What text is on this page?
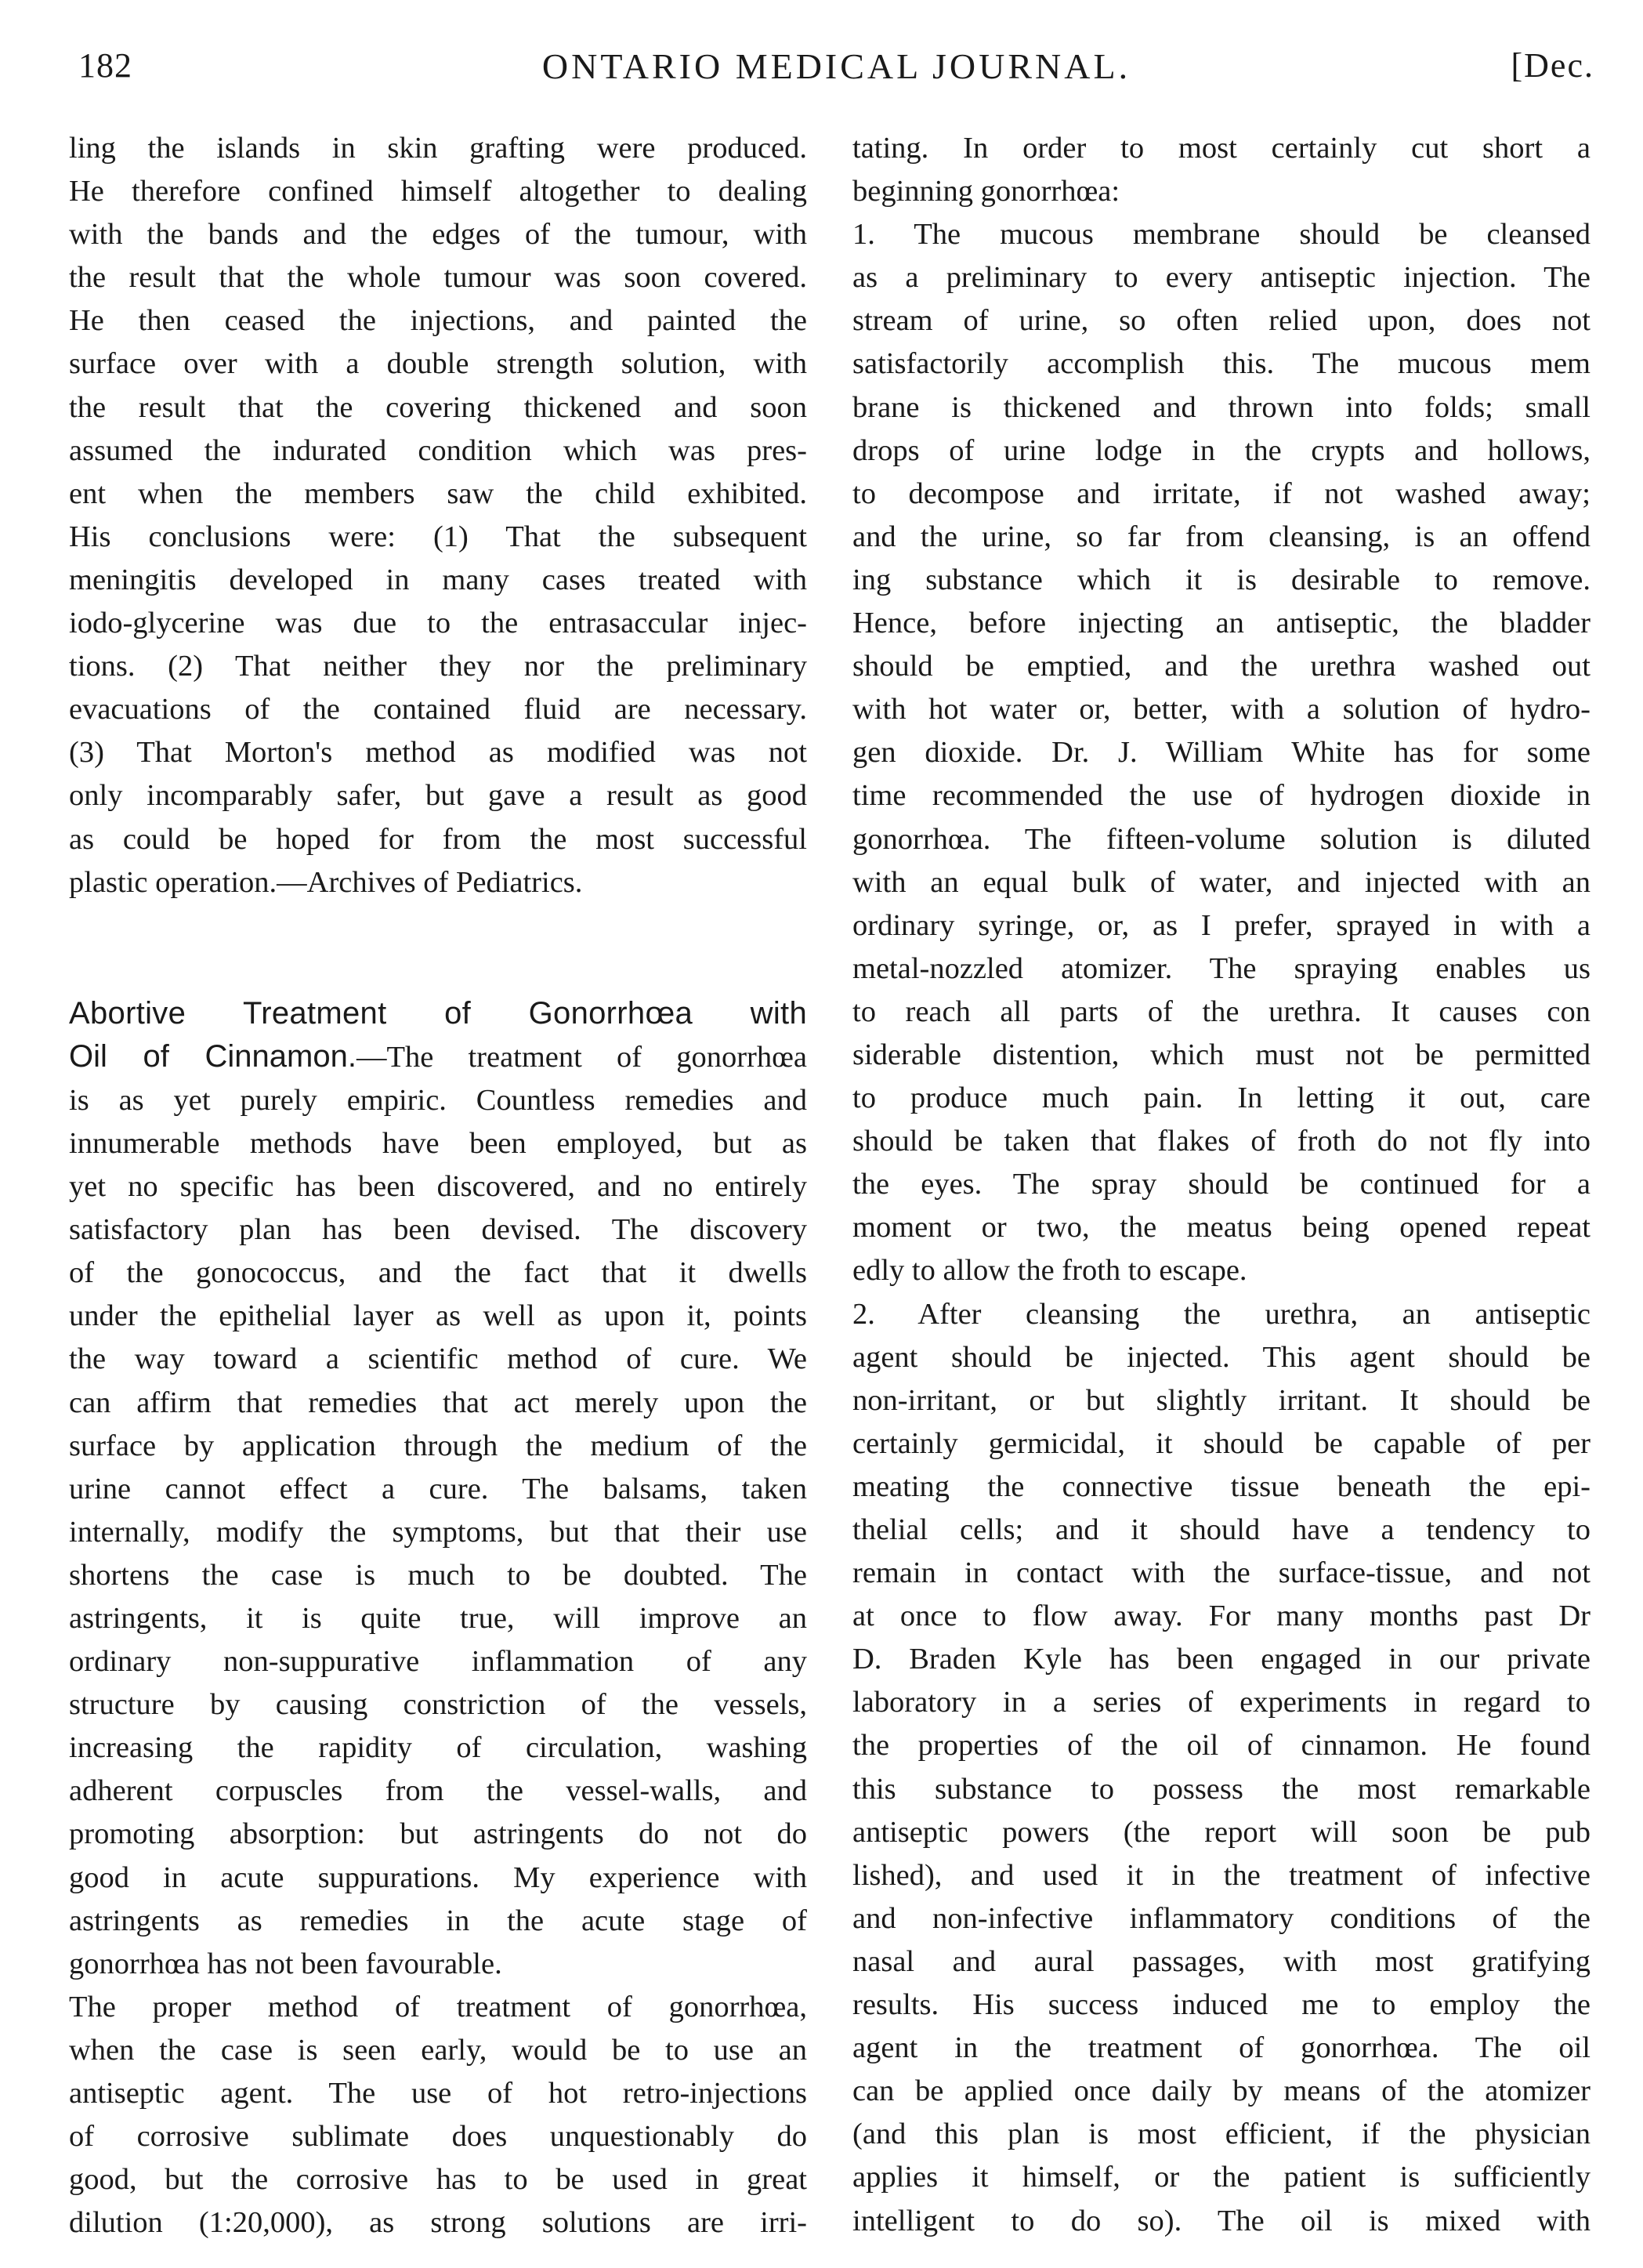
182	ONTARIO MEDICAL JOURNAL.	[Dec.

ling the islands in skin grafting were produced.

He therefore confined himself altogether to dealing

with the bands and the edges of the tumour, with

the result that the whole tumour was soon covered.

He then ceased the injections, and painted the

surface over with a double strength solution, with

the result that the covering thickened and soon

assumed the indurated condition which was pres-

ent when the members saw the child exhibited.

His conclusions were: (1) That the subsequent

meningitis developed in many cases treated with

iodo-glycerine was due to the entrasaccular injec-

tions. (2) That neither they nor the preliminary

evacuations of the contained fluid are necessary.

(3) That Morton's method as modified was not

only incomparably safer, but gave a result as good

as could be hoped for from the most successful

plastic operation.—Archives of Pediatrics.

Abortive Treatment of Gonorrhœa with

Oil of Cinnamon.—The treatment of gonorrhœa

is as yet purely empiric. Countless remedies and

innumerable methods have been employed, but as

yet no specific has been discovered, and no entirely

satisfactory plan has been devised. The discovery

of the gonococcus, and the fact that it dwells

under the epithelial layer as well as upon it, points

the way toward a scientific method of cure. We

can affirm that remedies that act merely upon the

surface by application through the medium of the

urine cannot effect a cure. The balsams, taken

internally, modify the symptoms, but that their use

shortens the case is much to be doubted. The

astringents, it is quite true, will improve an

ordinary non-suppurative inflammation of any

structure by causing constriction of the vessels,

increasing the rapidity of circulation, washing

adherent corpuscles from the vessel-walls, and

promoting absorption: but astringents do not do

good in acute suppurations. My experience with

astringents as remedies in the acute stage of

gonorrhœa has not been favourable.

The proper method of treatment of gonorrhœa,

when the case is seen early, would be to use an

antiseptic agent. The use of hot retro-injections

of corrosive sublimate does unquestionably do

good, but the corrosive has to be used in great

dilution (1:20,000), as strong solutions are irri-

tating. In order to most certainly cut short a

beginning gonorrhœa:

1. The mucous membrane should be cleansed

as a preliminary to every antiseptic injection. The

stream of urine, so often relied upon, does not

satisfactorily accomplish this. The mucous mem

brane is thickened and thrown into folds; small

drops of urine lodge in the crypts and hollows,

to decompose and irritate, if not washed away;

and the urine, so far from cleansing, is an offend

ing substance which it is desirable to remove.

Hence, before injecting an antiseptic, the bladder

should be emptied, and the urethra washed out

with hot water or, better, with a solution of hydro-

gen dioxide. Dr. J. William White has for some

time recommended the use of hydrogen dioxide in

gonorrhœa. The fifteen-volume solution is diluted

with an equal bulk of water, and injected with an

ordinary syringe, or, as I prefer, sprayed in with a

metal-nozzled atomizer. The spraying enables us

to reach all parts of the urethra. It causes con

siderable distention, which must not be permitted

to produce much pain. In letting it out, care

should be taken that flakes of froth do not fly into

the eyes. The spray should be continued for a

moment or two, the meatus being opened repeat

edly to allow the froth to escape.

2. After cleansing the urethra, an antiseptic

agent should be injected. This agent should be

non-irritant, or but slightly irritant. It should be

certainly germicidal, it should be capable of per

meating the connective tissue beneath the epi-

thelial cells; and it should have a tendency to

remain in contact with the surface-tissue, and not

at once to flow away. For many months past Dr

D. Braden Kyle has been engaged in our private

laboratory in a series of experiments in regard to

the properties of the oil of cinnamon. He found

this substance to possess the most remarkable

antiseptic powers (the report will soon be pub

lished), and used it in the treatment of infective

and non-infective inflammatory conditions of the

nasal and aural passages, with most gratifying

results. His success induced me to employ the

agent in the treatment of gonorrhœa. The oil

can be applied once daily by means of the atomizer

(and this plan is most efficient, if the physician

applies it himself, or the patient is sufficiently

intelligent to do so). The oil is mixed with
